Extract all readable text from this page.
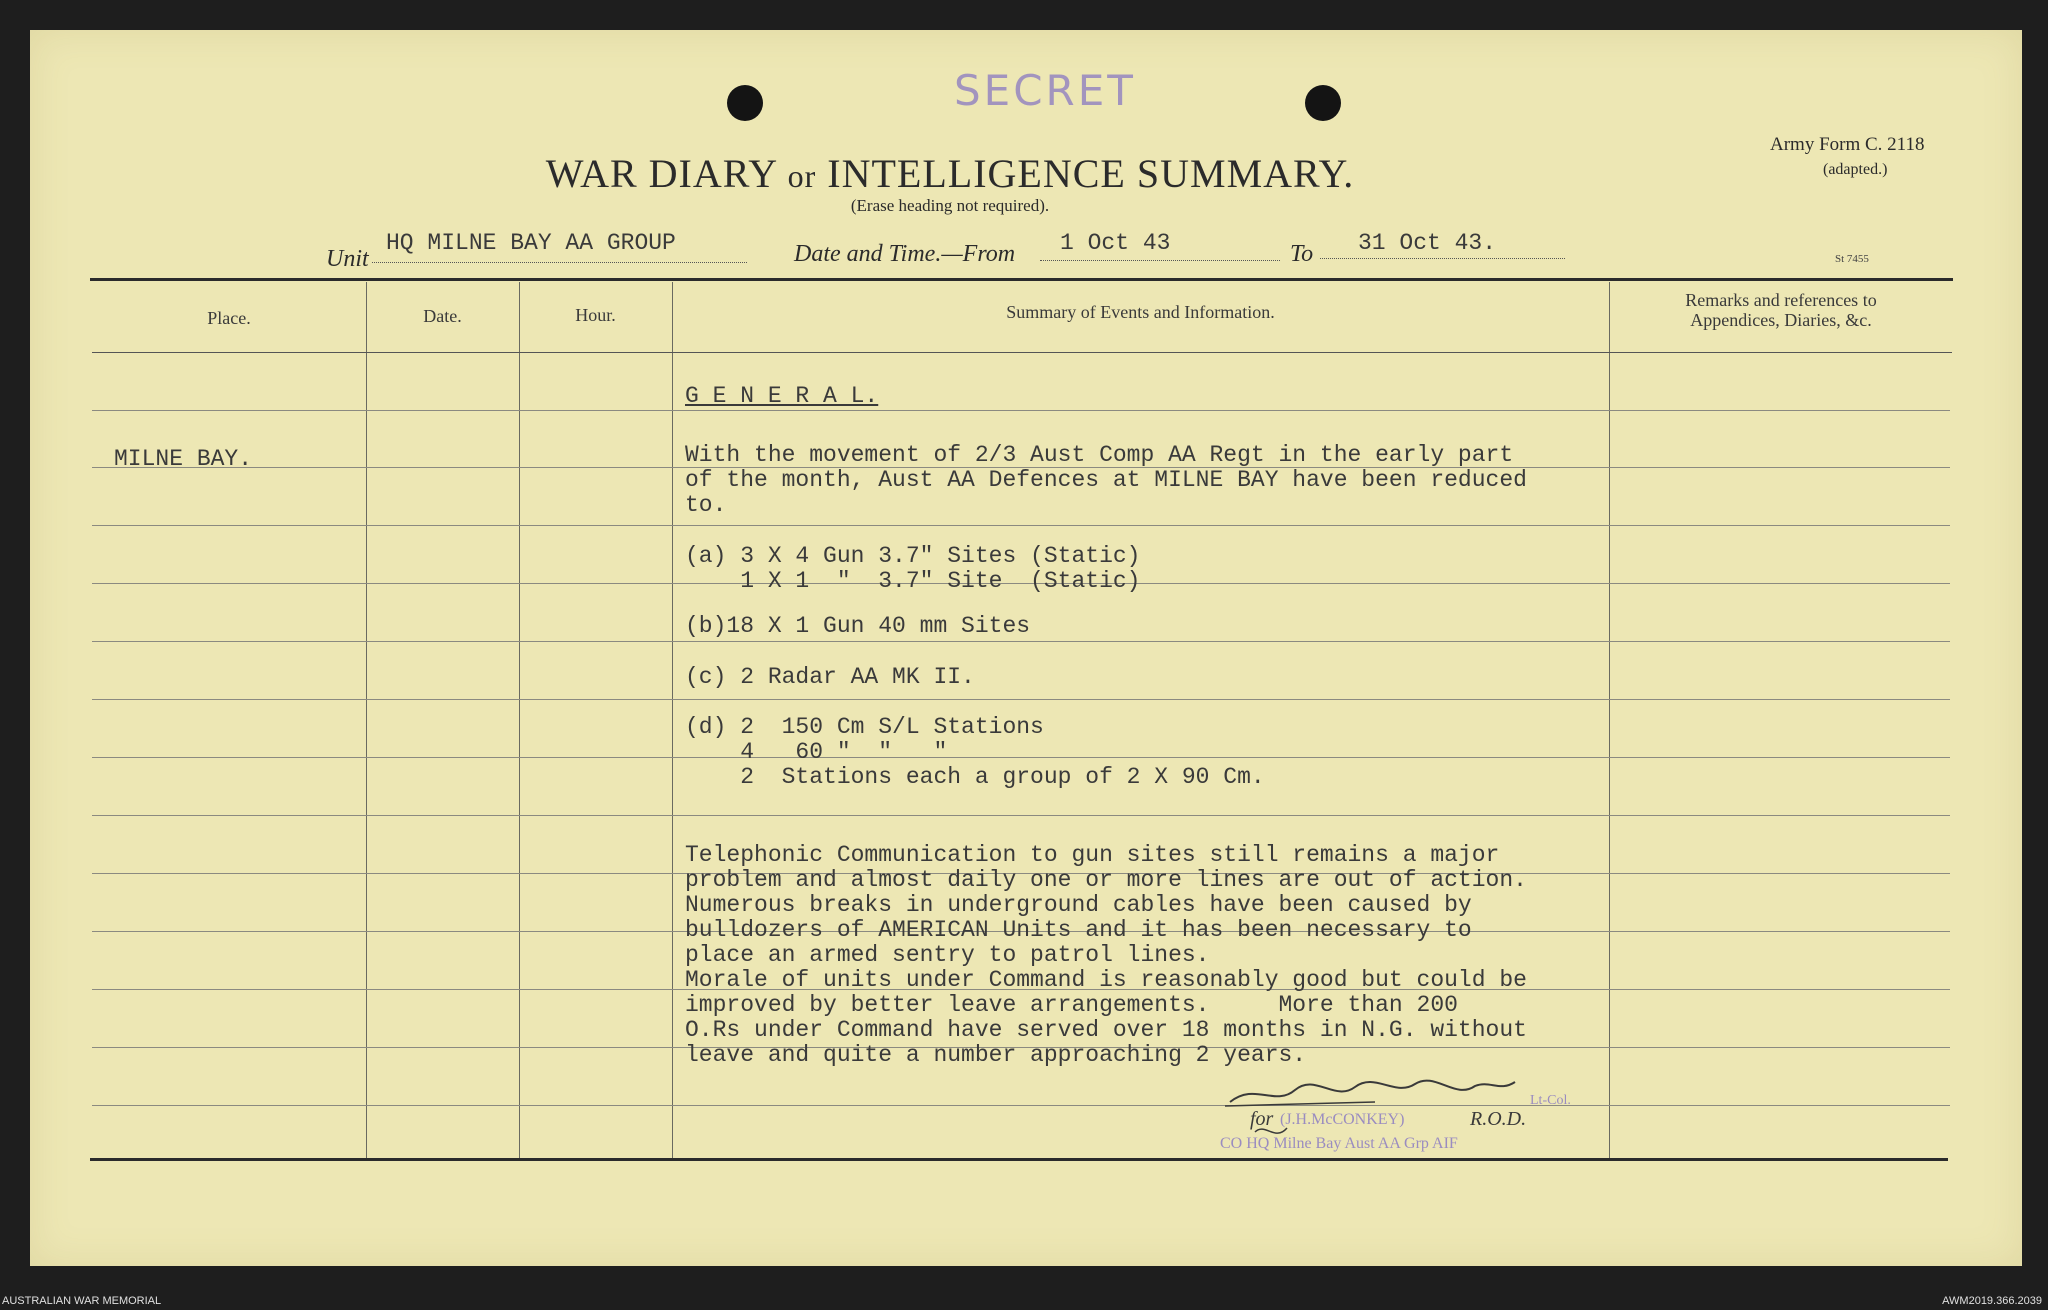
SECRET
WAR DIARY or INTELLIGENCE SUMMARY.
(Erase heading not required).
Army Form C. 2118
(adapted.)
St 7455
Unit
HQ MILNE BAY AA GROUP	Date and Time.—From 1 Oct 43	To 31 Oct 43.
Place.	Date.	Hour.	Summary of Events and Information.
Remarks and references to
Appendices, Diaries, &c.
MILNE BAY.
G E N E R A L.
With the movement of 2/3 Aust Comp AA Regt in the early part
of the month, Aust AA Defences at MILNE BAY have been reduced
to.
(a) 3 X 4 Gun 3.7" Sites (Static)
1 X 1  "  3.7" Site  (Static)
(b)18 X 1 Gun 40 mm Sites
(c) 2 Radar AA MK II.
(d) 2  150 Cm S/L Stations
4   60 "  "   "
2  Stations each a group of 2 X 90 Cm.
Telephonic Communication to gun sites still remains a major
problem and almost daily one or more lines are out of action.
Numerous breaks in underground cables have been caused by
bulldozers of AMERICAN Units and it has been necessary to
place an armed sentry to patrol lines.
Morale of units under Command is reasonably good but could be
improved by better leave arrangements.     More than 200
O.Rs under Command have served over 18 months in N.G. without
leave and quite a number approaching 2 years.
Lt-Col.
(J.H.McCONKEY)
for	R.O.D.
CO HQ Milne Bay Aust AA Grp AIF
AUSTRALIAN WAR MEMORIAL	AWM2019.366.2039
